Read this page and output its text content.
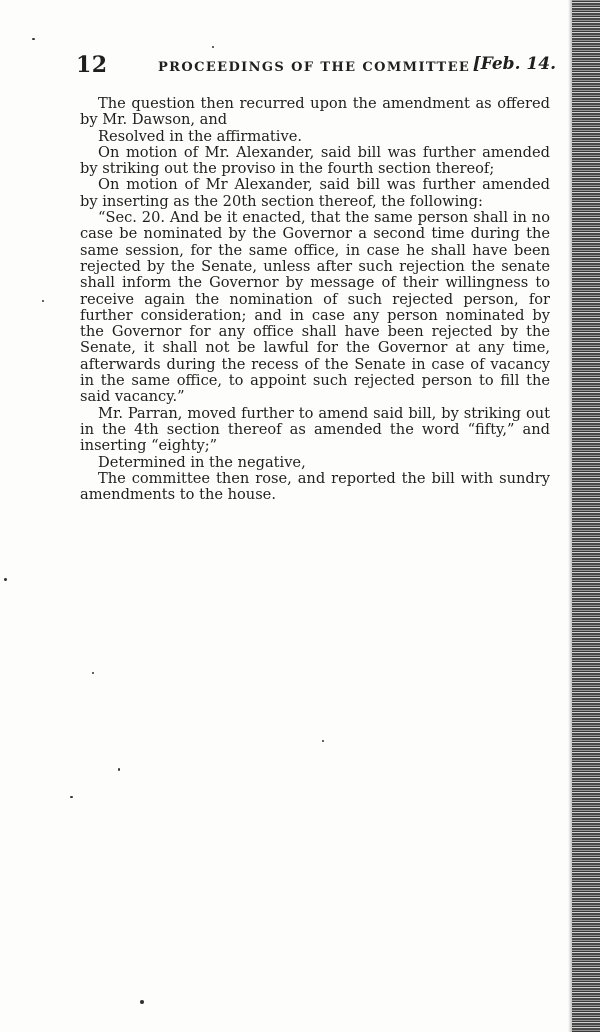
12	PROCEEDINGS OF THE COMMITTEE [Feb. 14.

The question then recurred upon the amendment as offered by Mr. Dawson, and

Resolved in the affirmative.

On motion of Mr. Alexander, said bill was further amended by striking out the proviso in the fourth section thereof;

On motion of Mr Alexander, said bill was further amended by inserting as the 20th section thereof, the following:

“Sec. 20. And be it enacted, that the same person shall in no case be nominated by the Governor a second time during the same session, for the same office, in case he shall have been rejected by the Senate, unless after such rejection the senate shall inform the Governor by message of their willingness to receive again the nomination of such rejected person, for further consideration; and in case any person nominated by the Governor for any office shall have been rejected by the Senate, it shall not be lawful for the Governor at any time, afterwards during the recess of the Senate in case of vacancy in the same office, to appoint such rejected person to fill the said vacancy.”

Mr. Parran, moved further to amend said bill, by striking out in the 4th section thereof as amended the word “fifty,” and inserting “eighty;”

Determined in the negative,

The committee then rose, and reported the bill with sundry amendments to the house.
